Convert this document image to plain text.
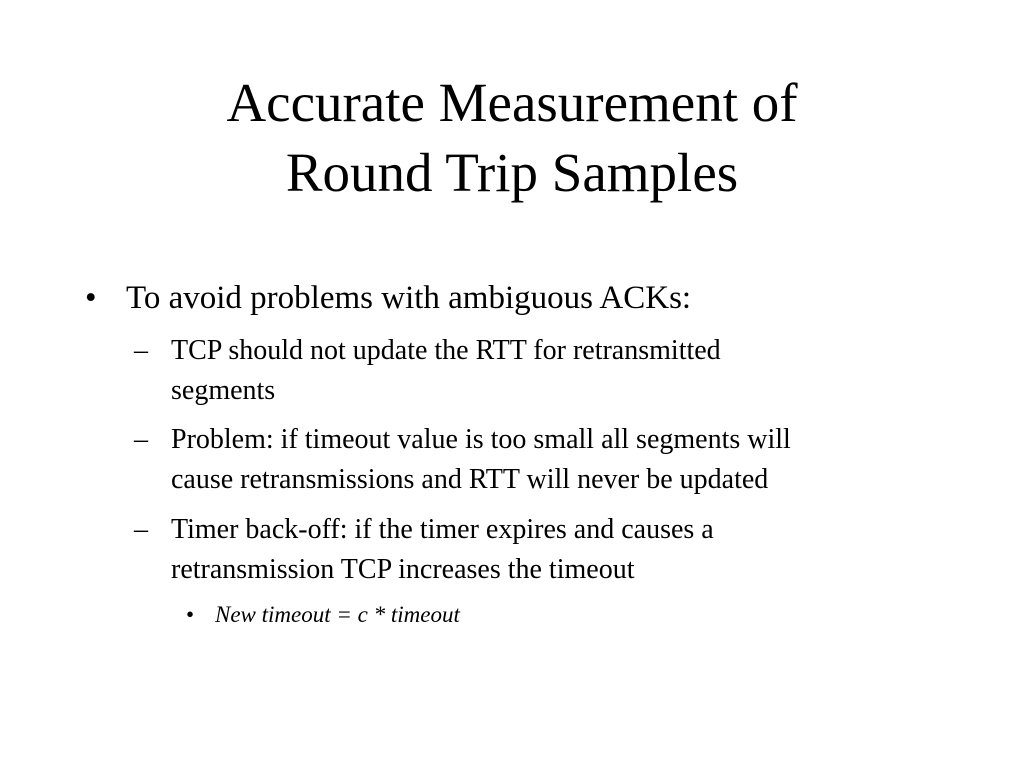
Accurate Measurement of
Round Trip Samples
• To avoid problems with ambiguous ACKs:
– TCP should not update the RTT for retransmitted
segments
– Problem: if timeout value is too small all segments will
cause retransmissions and RTT will never be updated
– Timer back-off: if the timer expires and causes a
retransmission TCP increases the timeout
• New timeout = c * timeout
